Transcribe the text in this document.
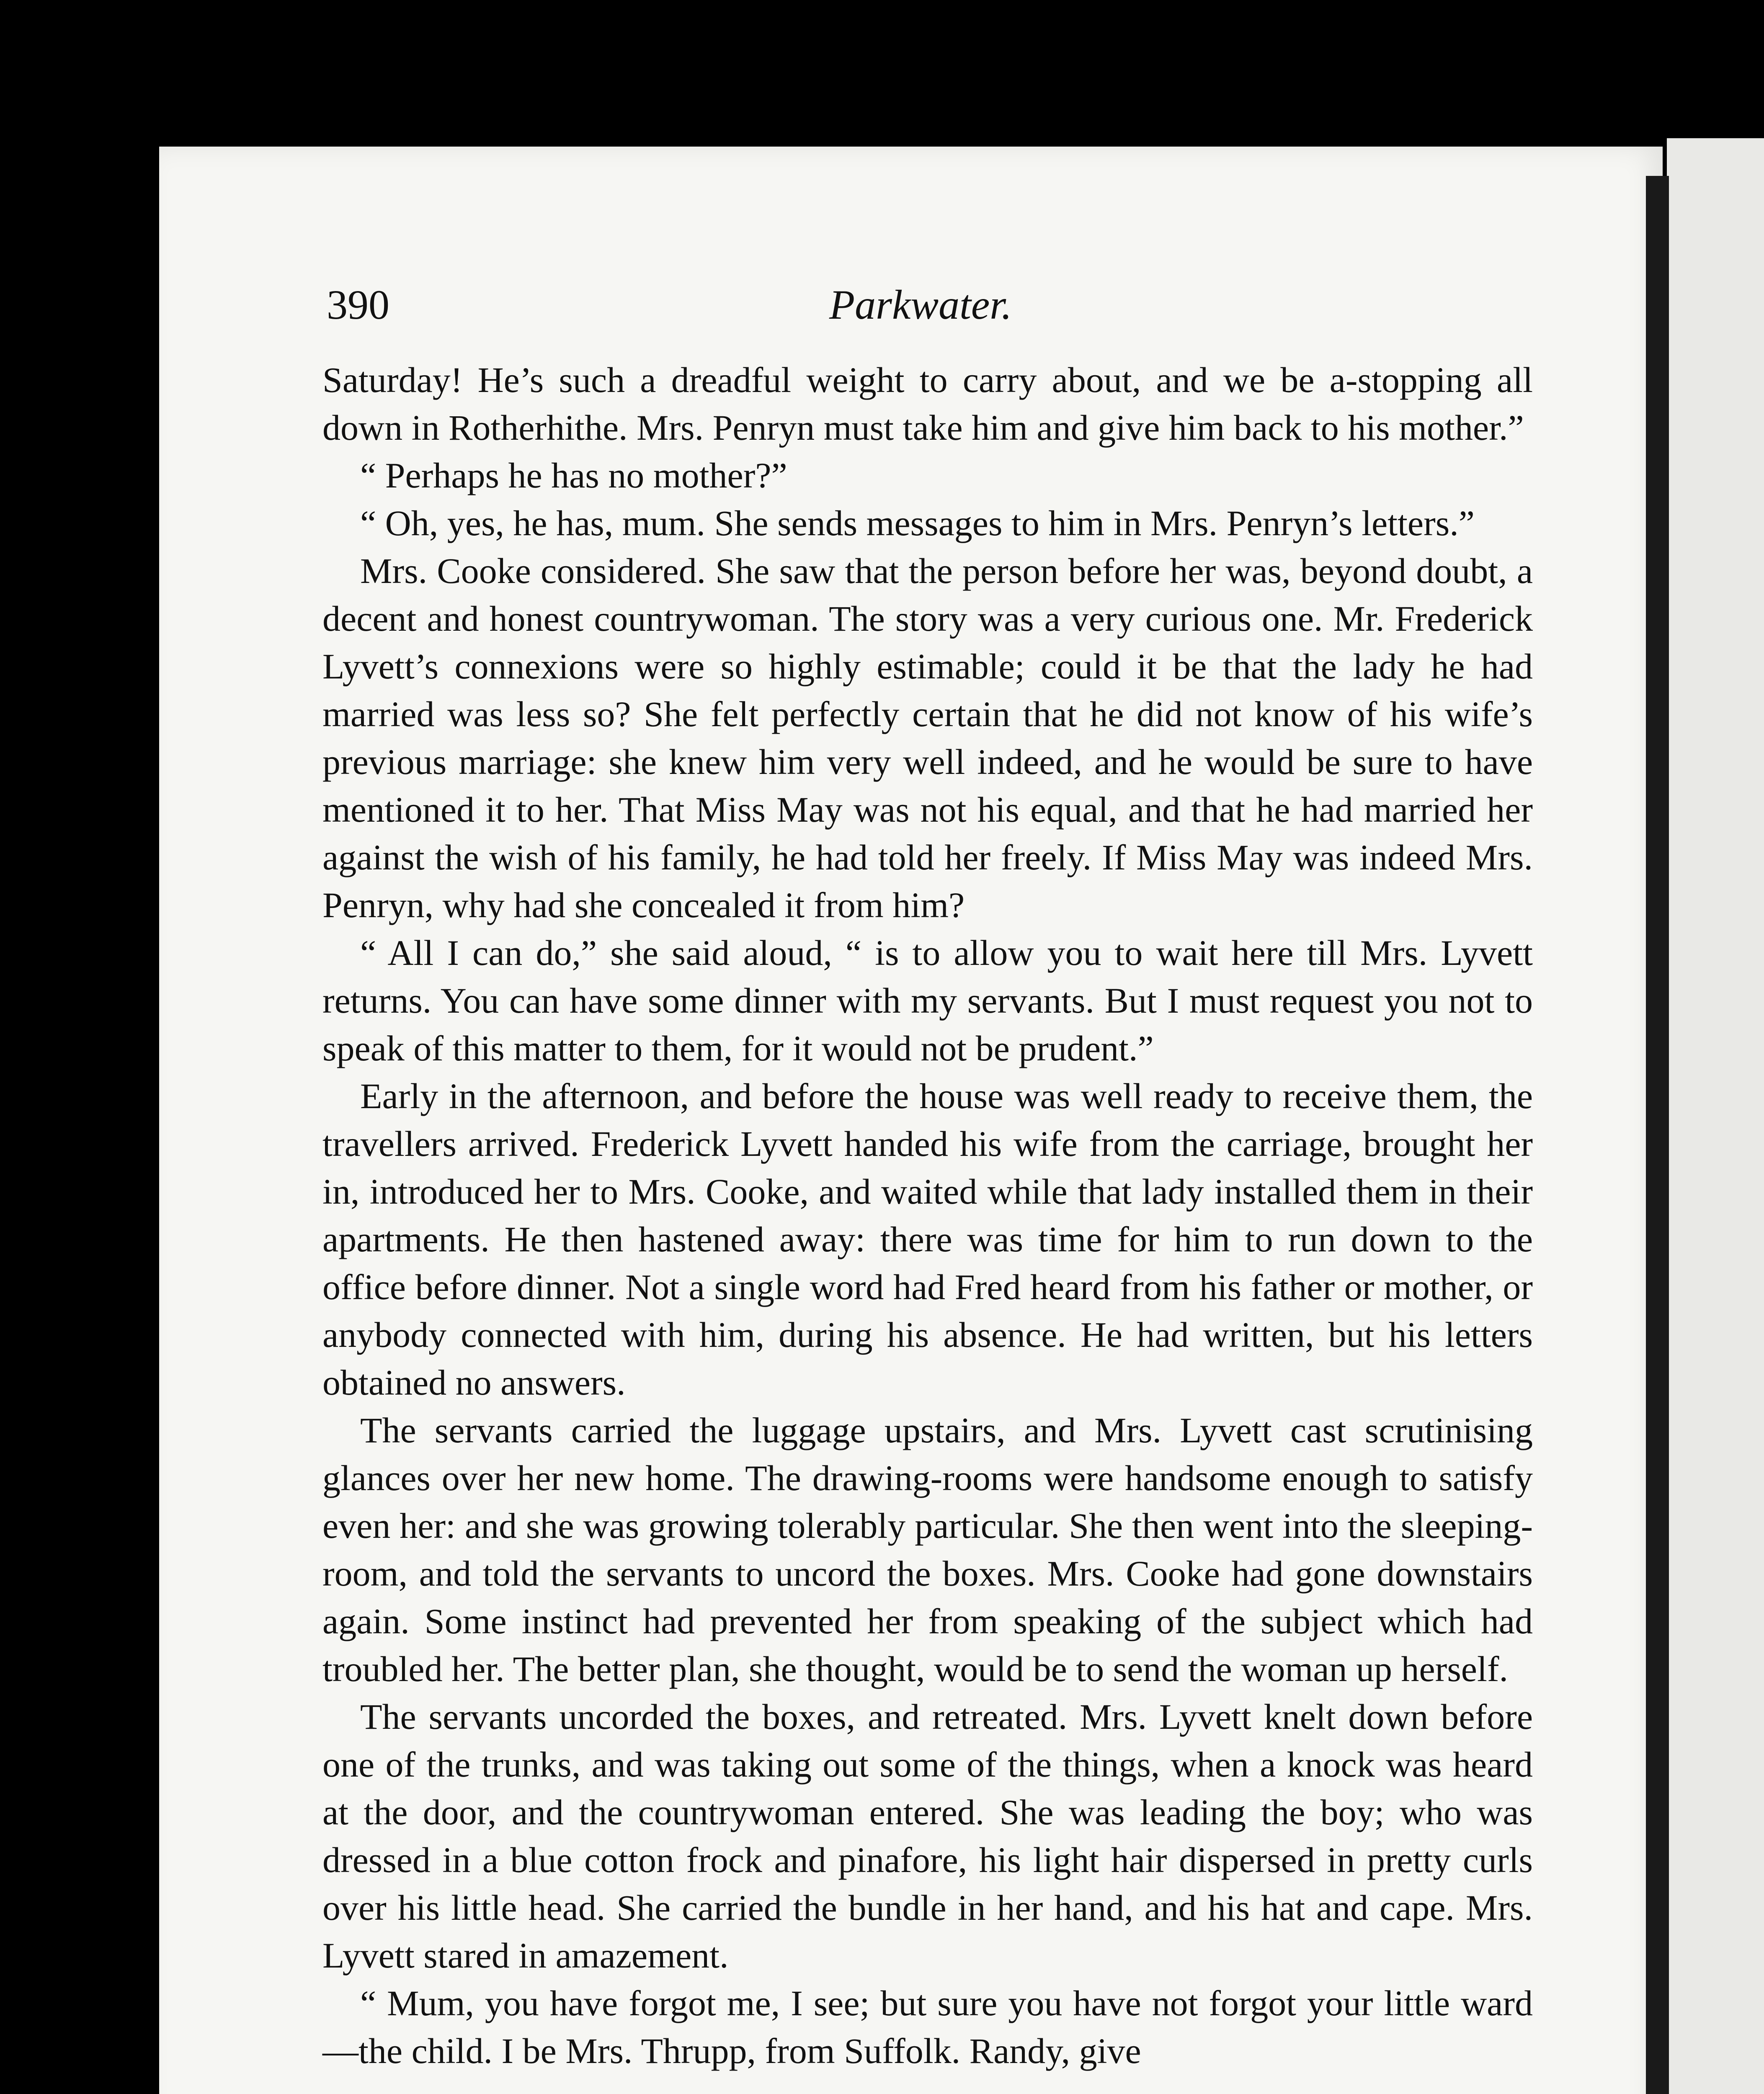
390	Parkwater.

Saturday! He’s such a dreadful weight to carry about, and we be a-stopping all down in Rotherhithe. Mrs. Penryn must take him and give him back to his mother.”

“ Perhaps he has no mother?”

“ Oh, yes, he has, mum. She sends messages to him in Mrs. Penryn’s letters.”

Mrs. Cooke considered. She saw that the person before her was, beyond doubt, a decent and honest countrywoman. The story was a very curious one. Mr. Frederick Lyvett’s connexions were so highly estimable; could it be that the lady he had married was less so? She felt perfectly certain that he did not know of his wife’s previous marriage: she knew him very well indeed, and he would be sure to have mentioned it to her. That Miss May was not his equal, and that he had married her against the wish of his family, he had told her freely. If Miss May was indeed Mrs. Penryn, why had she concealed it from him?

“ All I can do,” she said aloud, “ is to allow you to wait here till Mrs. Lyvett returns. You can have some dinner with my servants. But I must request you not to speak of this matter to them, for it would not be prudent.”

Early in the afternoon, and before the house was well ready to receive them, the travellers arrived. Frederick Lyvett handed his wife from the carriage, brought her in, introduced her to Mrs. Cooke, and waited while that lady installed them in their apartments. He then hastened away: there was time for him to run down to the office before dinner. Not a single word had Fred heard from his father or mother, or anybody connected with him, during his absence. He had written, but his letters obtained no answers.

The servants carried the luggage upstairs, and Mrs. Lyvett cast scrutinising glances over her new home. The drawing-rooms were handsome enough to satisfy even her: and she was growing tolerably particular. She then went into the sleeping-room, and told the servants to uncord the boxes. Mrs. Cooke had gone downstairs again. Some instinct had prevented her from speaking of the subject which had troubled her. The better plan, she thought, would be to send the woman up herself.

The servants uncorded the boxes, and retreated. Mrs. Lyvett knelt down before one of the trunks, and was taking out some of the things, when a knock was heard at the door, and the countrywoman entered. She was leading the boy; who was dressed in a blue cotton frock and pinafore, his light hair dispersed in pretty curls over his little head. She carried the bundle in her hand, and his hat and cape. Mrs. Lyvett stared in amazement.

“ Mum, you have forgot me, I see; but sure you have not forgot your little ward—the child. I be Mrs. Thrupp, from Suffolk. Randy, give
